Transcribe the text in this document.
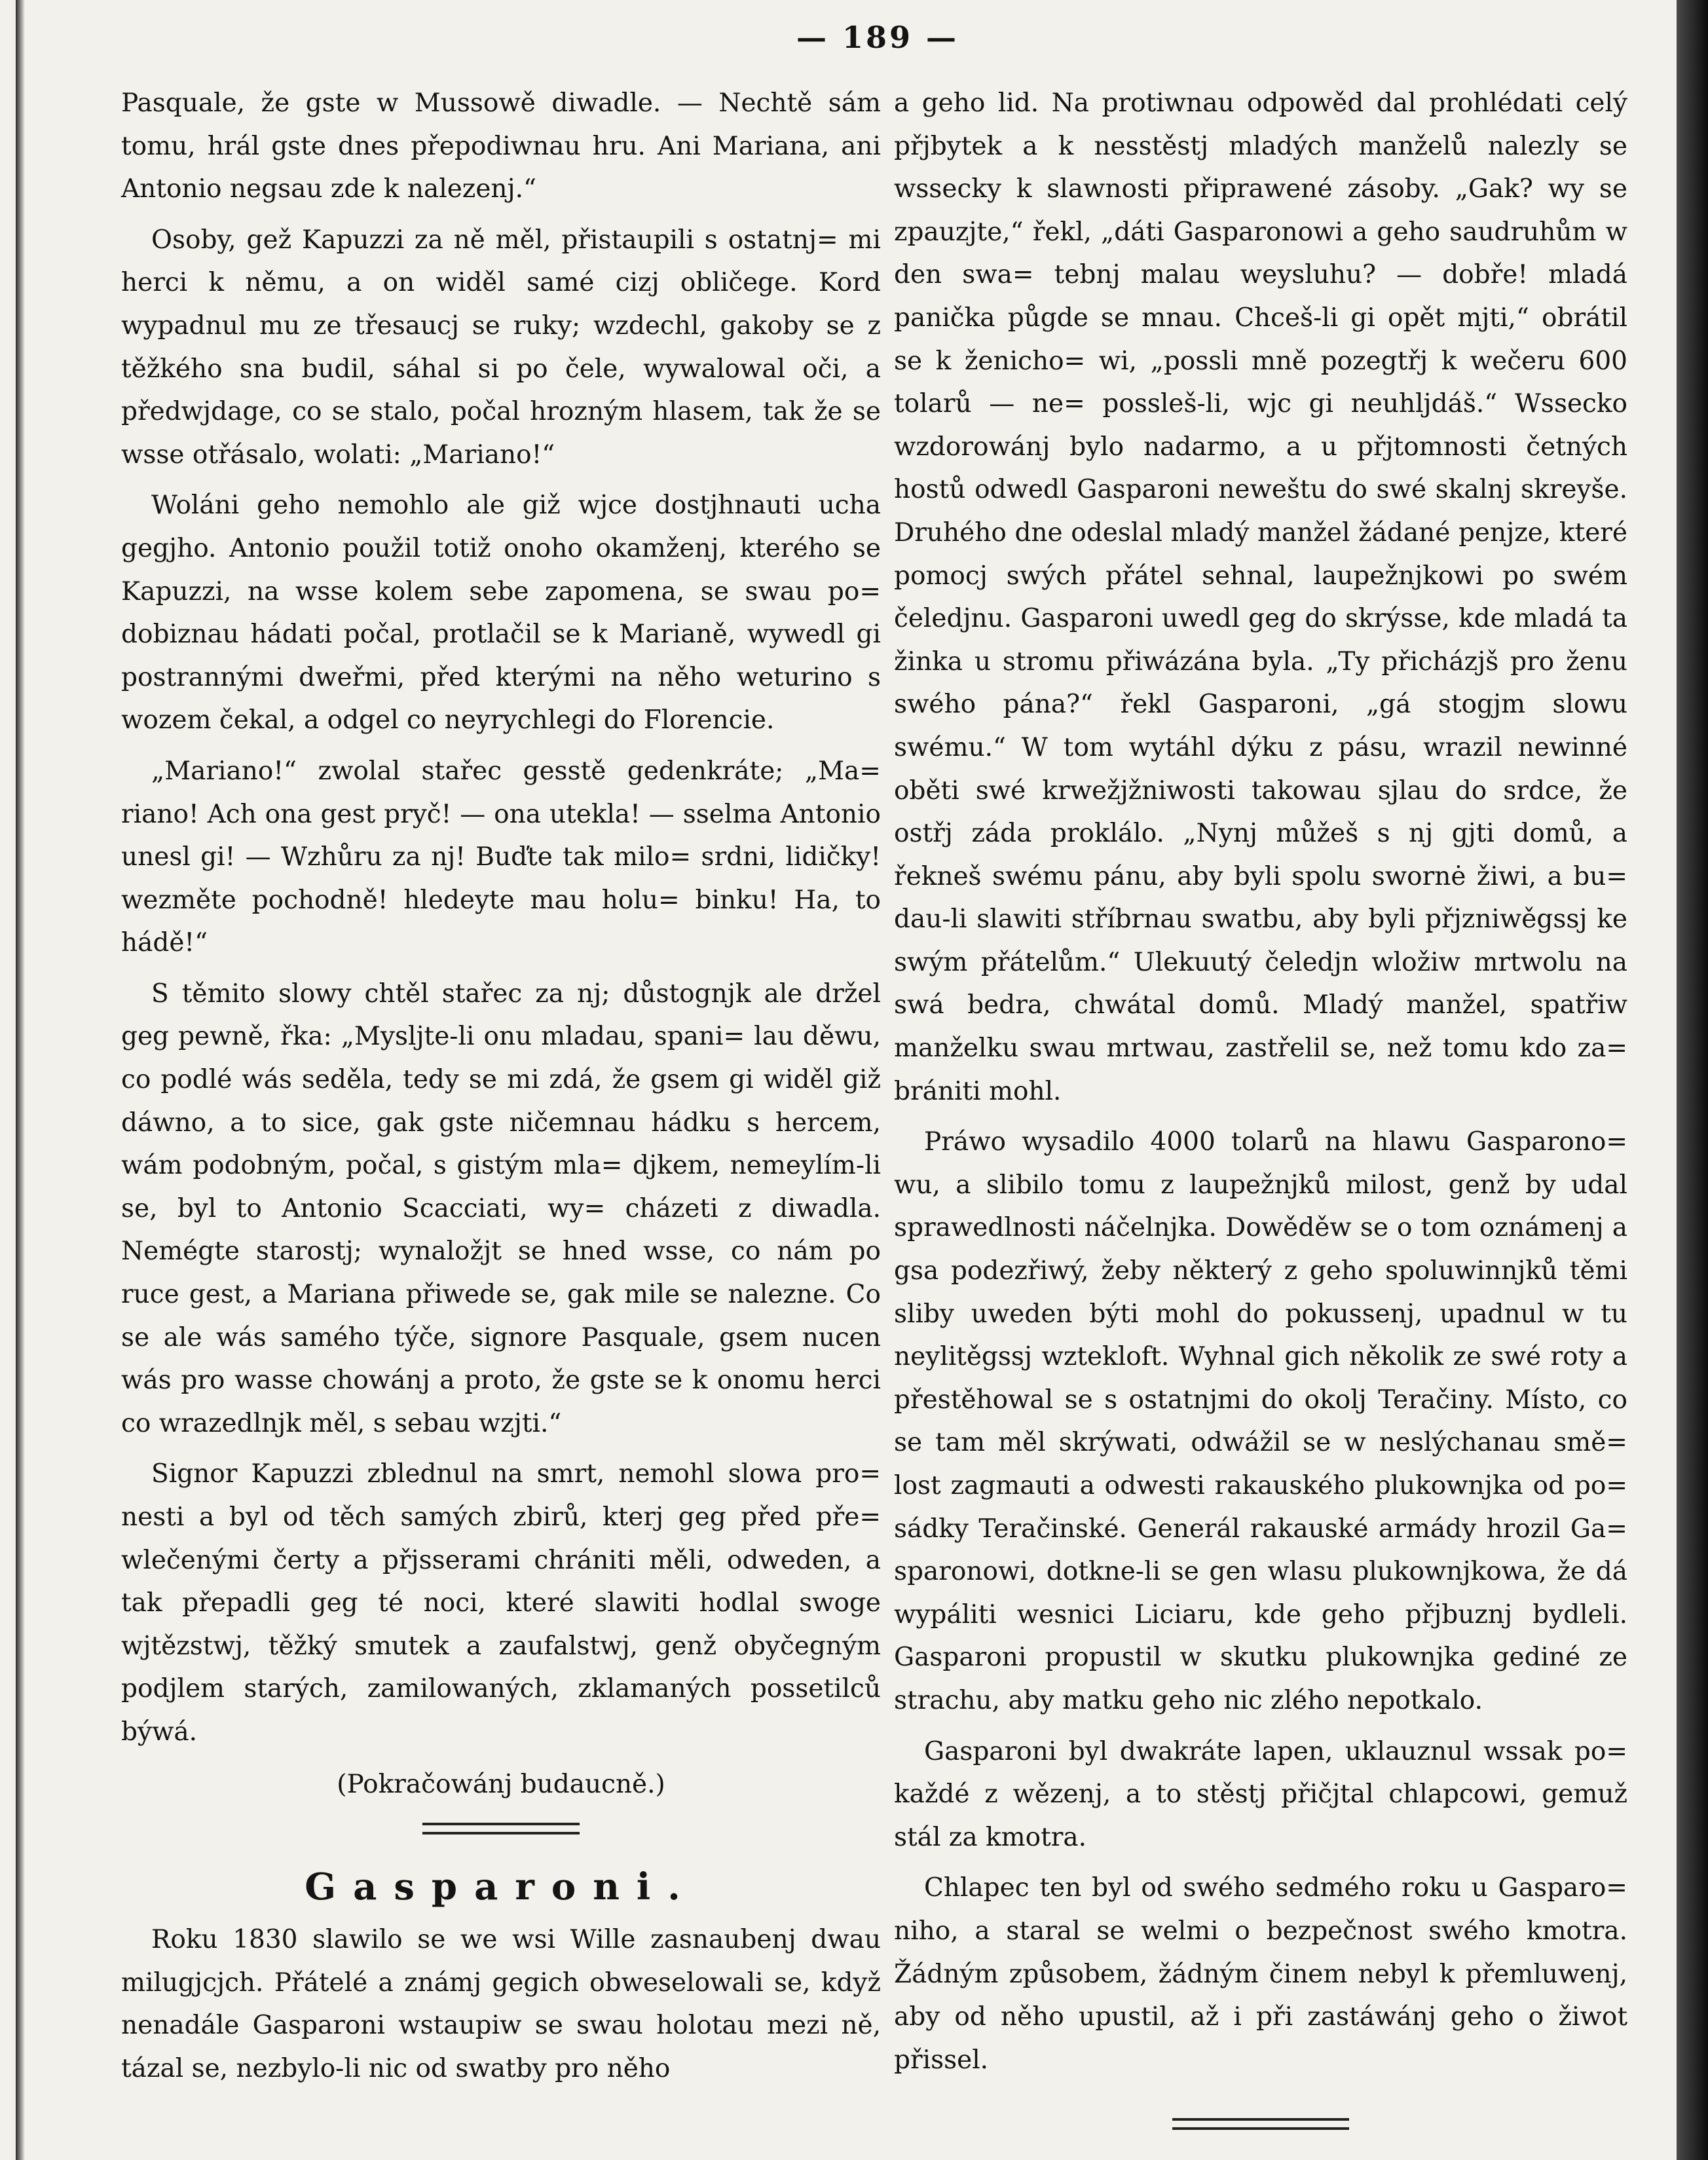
— 189 —

Pasquale, že gste w Mussowě diwadle. — Nechtě sám tomu, hrál gste dnes přepodiwnau hru. Ani Mariana, ani Antonio negsau zde k nalezenj.“

Osoby, gež Kapuzzi za ně měl, přistaupili s ostatnj= mi herci k němu, a on widěl samé cizj obličege. Kord wypadnul mu ze třesaucj se ruky; wzdechl, gakoby se z těžkého sna budil, sáhal si po čele, wywalowal oči, a předwjdage, co se stalo, počal hrozným hlasem, tak že se wsse otřásalo, wolati: „Mariano!“

Woláni geho nemohlo ale giž wjce dostjhnauti ucha gegjho. Antonio použil totiž onoho okamženj, kterého se Kapuzzi, na wsse kolem sebe zapomena, se swau po= dobiznau hádati počal, protlačil se k Marianě, wywedl gi postrannými dweřmi, před kterými na něho weturino s wozem čekal, a odgel co neyrychlegi do Florencie.

„Mariano!“ zwolal stařec gesstě gedenkráte; „Ma= riano! Ach ona gest pryč! — ona utekla! — sselma Antonio unesl gi! — Wzhůru za nj! Buďte tak milo= srdni, lidičky! wezměte pochodně! hledeyte mau holu= binku! Ha, to hádě!“

S těmito slowy chtěl stařec za nj; důstognjk ale držel geg pewně, řka: „Mysljte-li onu mladau, spani= lau děwu, co podlé wás seděla, tedy se mi zdá, že gsem gi widěl giž dáwno, a to sice, gak gste ničemnau hádku s hercem, wám podobným, počal, s gistým mla= djkem, nemeylím-li se, byl to Antonio Scacciati, wy= cházeti z diwadla. Nemégte starostj; wynaložjt se hned wsse, co nám po ruce gest, a Mariana přiwede se, gak mile se nalezne. Co se ale wás samého týče, signore Pasquale, gsem nucen wás pro wasse chowánj a proto, že gste se k onomu herci co wrazedlnjk měl, s sebau wzjti.“

Signor Kapuzzi zblednul na smrt, nemohl slowa pro= nesti a byl od těch samých zbirů, kterj geg před pře= wlečenými čerty a přjsserami chrániti měli, odweden, a tak přepadli geg té noci, které slawiti hodlal swoge wjtězstwj, těžký smutek a zaufalstwj, genž obyčegným podjlem starých, zamilowaných, zklamaných possetilců býwá.

(Pokračowánj budaucně.)

Gasparoni.

Roku 1830 slawilo se we wsi Wille zasnaubenj dwau milugjcjch. Přátelé a známj gegich obweselowali se, když nenadále Gasparoni wstaupiw se swau holotau mezi ně, tázal se, nezbylo-li nic od swatby pro něho

a geho lid. Na protiwnau odpowěd dal prohlédati celý přjbytek a k nesstěstj mladých manželů nalezly se wssecky k slawnosti připrawené zásoby. „Gak? wy se zpauzjte,“ řekl, „dáti Gasparonowi a geho saudruhům w den swa= tebnj malau weysluhu? — dobře! mladá panička půgde se mnau. Chceš-li gi opět mjti,“ obrátil se k ženicho= wi, „possli mně pozegtřj k wečeru 600 tolarů — ne= possleš-li, wjc gi neuhlјdáš.“ Wssecko wzdorowánj bylo nadarmo, a u přjtomnosti četných hostů odwedl Gasparoni neweštu do swé skalnj skreyše. Druhého dne odeslal mladý manžel žádané penjze, které pomocj swých přátel sehnal, laupežnjkowi po swém čeledjnu. Gasparoni uwedl geg do skrýsse, kde mladá ta žinka u stromu přiwázána byla. „Ty přicházjš pro ženu swého pána?“ řekl Gasparoni, „gá stogjm slowu swému.“ W tom wytáhl dýku z pásu, wrazil newinné oběti swé krwežjžniwosti takowau sjlau do srdce, že ostřj záda proklálo. „Nynj můžeš s nj gjti domů, a řekneš swému pánu, aby byli spolu swornė žiwi, a bu= dau-li slawiti stříbrnau swatbu, aby byli přjzniwěgssj ke swým přátelům.“ Ulekuutý čeledjn wložiw mrtwolu na swá bedra, chwátal domů. Mladý manžel, spatřiw manželku swau mrtwau, zastřelil se, než tomu kdo za= brániti mohl.

Práwo wysadilo 4000 tolarů na hlawu Gasparono= wu, a slibilo tomu z laupežnjků milost, genž by udal sprawedlnosti náčelnjka. Dowěděw se o tom oznámenj a gsa podezřiwý, žeby některý z geho spoluwinnjků těmi sliby uweden býti mohl do pokussenj, upadnul w tu neylitěgssj wztekloft. Wyhnal gich několik ze swé roty a přestěhowal se s ostatnjmi do okolj Teračiny. Místo, co se tam měl skrýwati, odwážil se w neslýchanau smě= lost zagmauti a odwesti rakauského plukownjka od po= sádky Teračinské. Generál rakauské armády hrozil Ga= sparonowi, dotkne-li se gen wlasu plukownjkowa, že dá wypáliti wesnici Liciaru, kde geho přjbuznj bydleli. Gasparoni propustil w skutku plukownjka gediné ze strachu, aby matku geho nic zlého nepotkalo.

Gasparoni byl dwakráte lapen, uklauznul wssak po= každé z wězenj, a to stěstj přičjtal chlapcowi, gemuž stál za kmotra.

Chlapec ten byl od swého sedmého roku u Gasparo= niho, a staral se welmi o bezpečnost swého kmotra. Žádným způsobem, žádným činem nebyl k přemluwenj, aby od něho upustil, až i při zastáwánj geho o žiwot přissel.
